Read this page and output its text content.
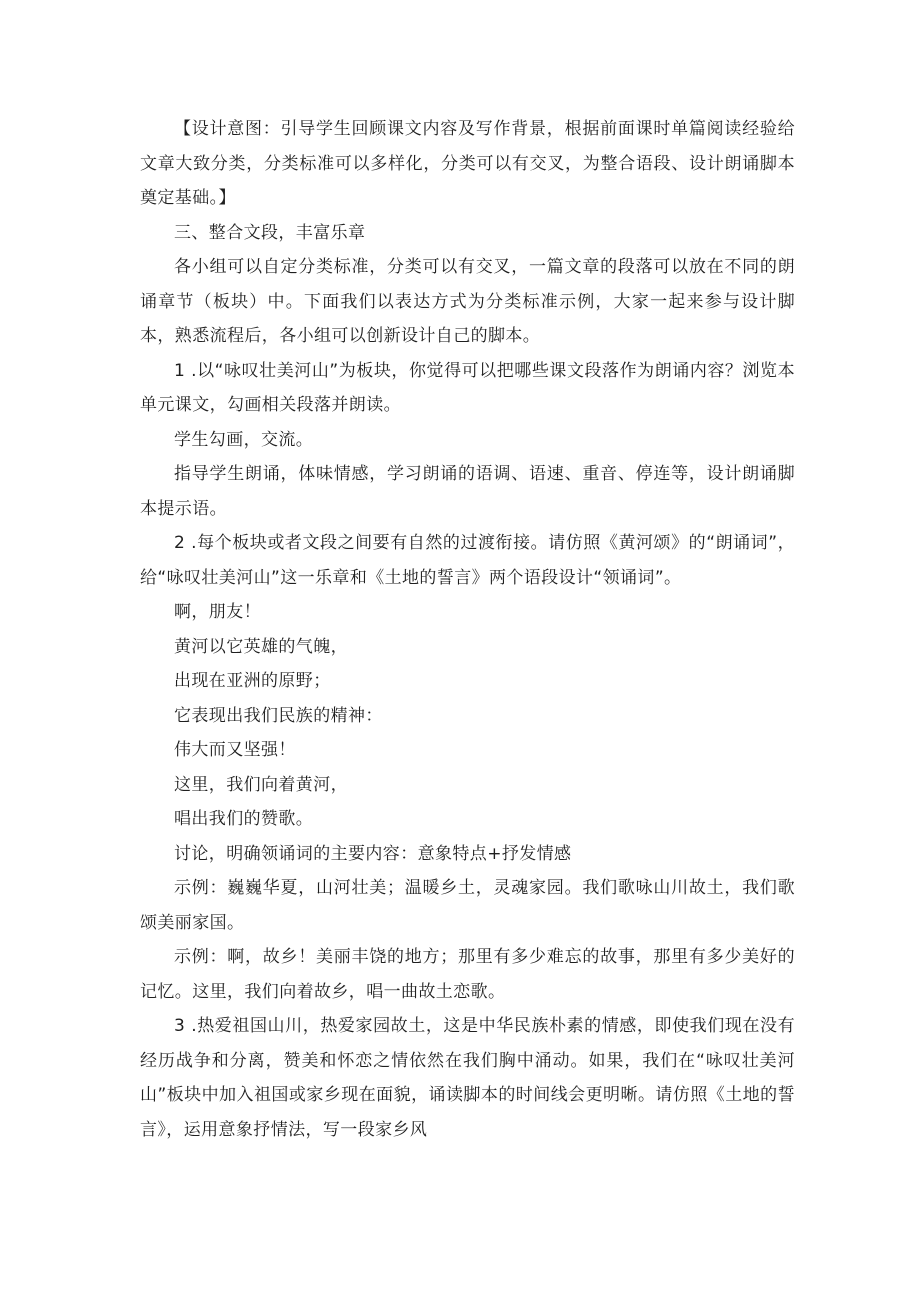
【设计意图：引导学生回顾课文内容及写作背景，根据前面课时单篇阅读经验给文章大致分类，分类标准可以多样化，分类可以有交叉，为整合语段、设计朗诵脚本奠定基础。】

三、整合文段，丰富乐章

各小组可以自定分类标准，分类可以有交叉，一篇文章的段落可以放在不同的朗诵章节（板块）中。下面我们以表达方式为分类标准示例，大家一起来参与设计脚本，熟悉流程后，各小组可以创新设计自己的脚本。

1 .以“咏叹壮美河山”为板块，你觉得可以把哪些课文段落作为朗诵内容？浏览本单元课文，勾画相关段落并朗读。

学生勾画，交流。

指导学生朗诵，体味情感，学习朗诵的语调、语速、重音、停连等，设计朗诵脚本提示语。

2 .每个板块或者文段之间要有自然的过渡衔接。请仿照《黄河颂》的“朗诵词”，给“咏叹壮美河山”这一乐章和《土地的誓言》两个语段设计“领诵词”。

啊，朋友！

黄河以它英雄的气魄，

出现在亚洲的原野；

它表现出我们民族的精神：

伟大而又坚强！

这里，我们向着黄河，

唱出我们的赞歌。

讨论，明确领诵词的主要内容：意象特点+抒发情感

示例：巍巍华夏，山河壮美；温暖乡土，灵魂家园。我们歌咏山川故土，我们歌颂美丽家国。

示例：啊，故乡！美丽丰饶的地方；那里有多少难忘的故事，那里有多少美好的记忆。这里，我们向着故乡，唱一曲故土恋歌。

3 .热爱祖国山川，热爱家园故土，这是中华民族朴素的情感，即使我们现在没有经历战争和分离，赞美和怀恋之情依然在我们胸中涌动。如果，我们在“咏叹壮美河山”板块中加入祖国或家乡现在面貌，诵读脚本的时间线会更明晰。请仿照《土地的誓言》，运用意象抒情法，写一段家乡风
